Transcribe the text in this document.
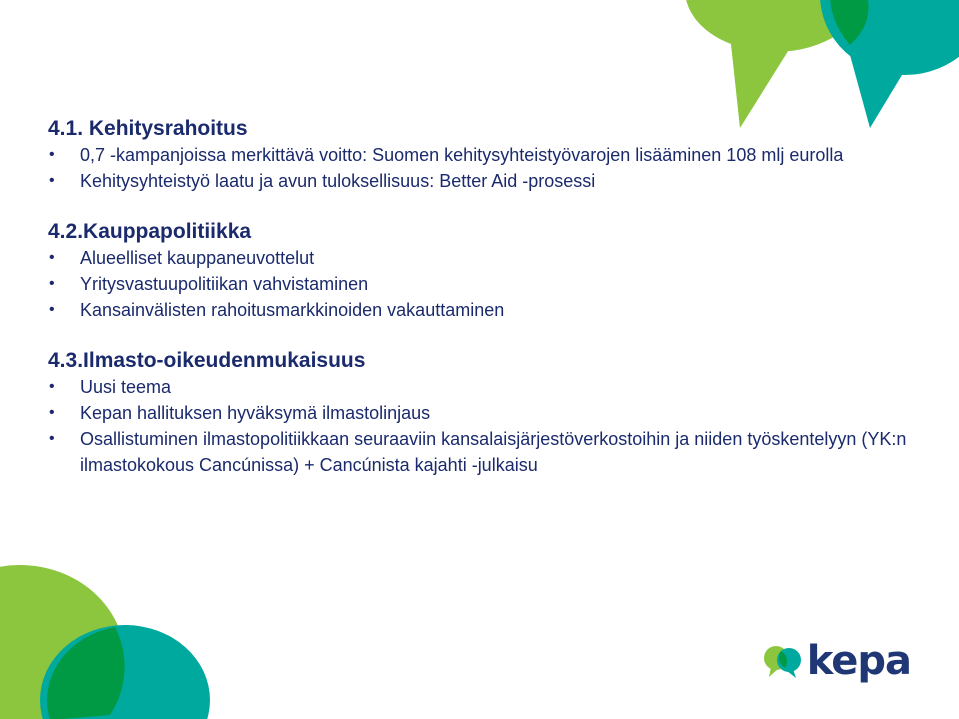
4.1. Kehitysrahoitus
• 0,7 -kampanjoissa merkittävä voitto: Suomen kehitysyhteistyövarojen lisääminen 108 mlj eurolla
• Kehitysyhteistyö laatu ja avun tuloksellisuus: Better Aid -prosessi
4.2.Kauppapolitiikka
• Alueelliset kauppaneuvottelut
• Yritysvastuupolitiikan vahvistaminen
• Kansainvälisten rahoitusmarkkinoiden vakauttaminen
4.3.Ilmasto-oikeudenmukaisuus
• Uusi teema
• Kepan hallituksen hyväksymä ilmastolinjaus
• Osallistuminen ilmastopolitiikkaan seuraaviin kansalaisjärjestöverkostoihin ja niiden työskentelyyn (YK:n ilmastokokous Cancúnissa) + Cancúnista kajahti -julkaisu
kepa
